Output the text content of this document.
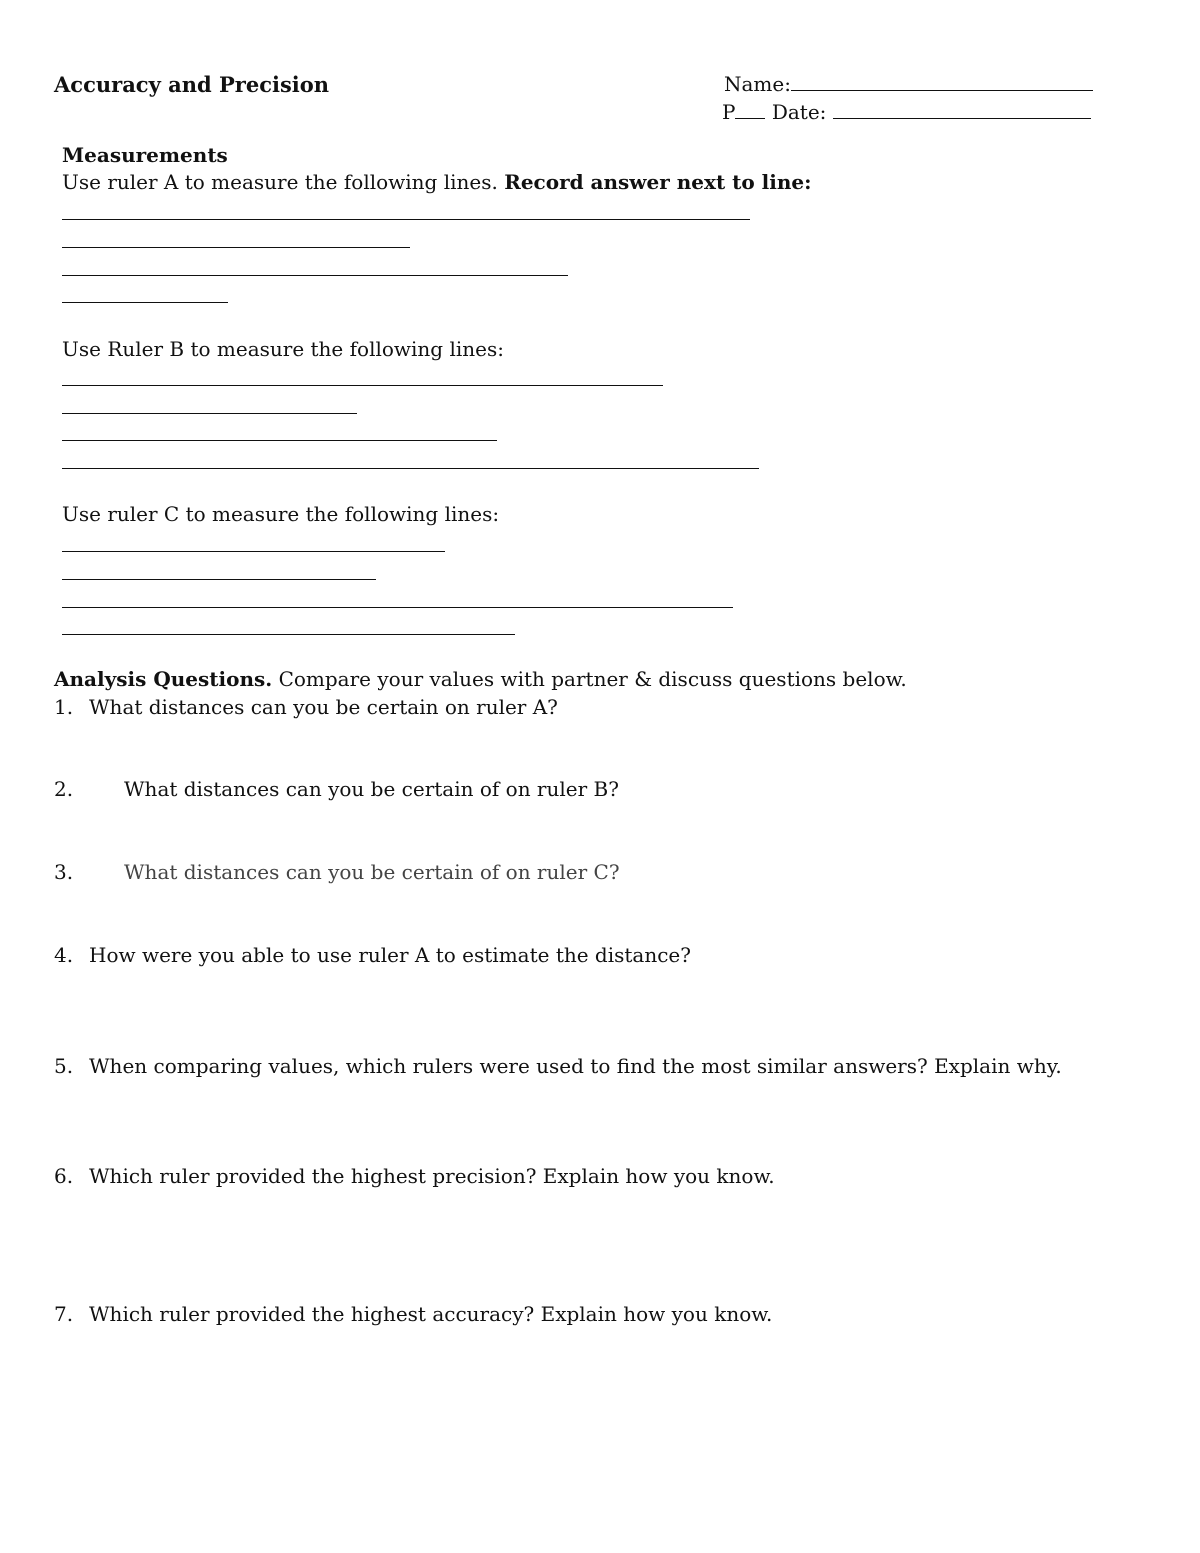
Accuracy and Precision	Name:
P Date:
Measurements
Use ruler A to measure the following lines. Record answer next to line:
Use Ruler B to measure the following lines:
Use ruler C to measure the following lines:
Analysis Questions. Compare your values with partner & discuss questions below.
1. What distances can you be certain on ruler A?
2.	What distances can you be certain of on ruler B?
3.	What distances can you be certain of on ruler C?
4. How were you able to use ruler A to estimate the distance?
5. When comparing values, which rulers were used to find the most similar answers? Explain why.
6. Which ruler provided the highest precision? Explain how you know.
7. Which ruler provided the highest accuracy? Explain how you know.
